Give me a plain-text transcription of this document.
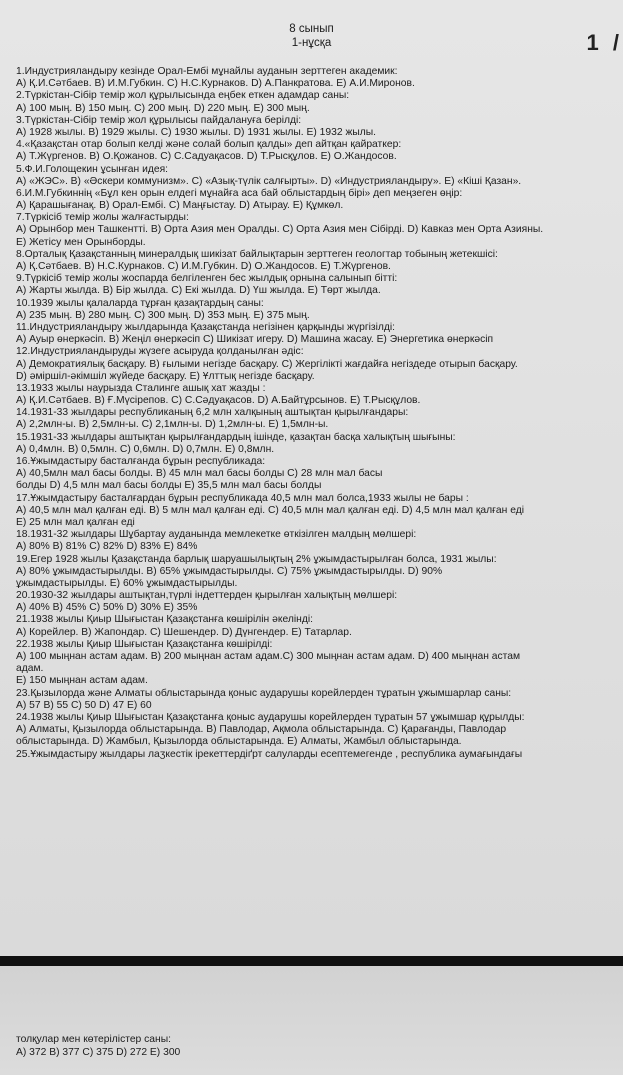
8 сынып
1-нұсқа	1 /
1.Индустрияландыру кезінде Орал-Ембі мұнайлы ауданын зерттеген академик:
А) Қ.И.Сәтбаев. В) И.М.Губкин. С) Н.С.Курнаков. D) А.Панкратова. Е) А.И.Миронов.
2.Түркістан-Сібір темір жол құрылысында еңбек еткен адамдар саны:
А) 100 мың. В) 150 мың. С) 200 мың. D) 220 мың. Е) 300 мың.
3.Түркістан-Сібір темір жол құрылысы пайдалануға берілді:
А) 1928 жылы. В) 1929 жылы. С) 1930 жылы. D) 1931 жылы. Е) 1932 жылы.
4.«Қазақстан отар болып келді және солай болып қалды» деп айтқан қайраткер:
А) Т.Жүргенов. В) О.Қожанов. С) С.Садуақасов. D) Т.Рысқұлов. Е) О.Жандосов.
5.Ф.И.Голощекин ұсынған идея:
А) «ЖЭС». В) «Әскери коммунизм». С) «Азық-түлік салғырты». D) «Индустрияландыру». Е) «Кіші Қазан».
6.И.М.Губкиннің «Бұл кен орын елдегі мұнайға аса бай облыстардың бірі» деп меңзеген өңір:
А) Қарашығанақ. В) Орал-Ембі. С) Маңғыстау. D) Атырау. Е) Құмкөл.
7.Түркісіб темір жолы жалғастырды:
А) Орынбор мен Ташкентті. В) Орта Азия мен Оралды. С) Орта Азия мен Сібірді. D) Кавказ мен Орта Азияны.
Е) Жетісу мен Орынборды.
8.Орталық Қазақстанның минералдық шикізат байлықтарын зерттеген геологтар тобының жетекшісі:
А) Қ.Сәтбаев. В) Н.С.Курнаков. С) И.М.Губкин. D) О.Жандосов. Е) Т.Жүргенов.
9.Түркісіб темір жолы жоспарда белгіленген бес жылдық орнына салынып бітті:
А) Жарты жылда. В) Бір жылда. С) Екі жылда. D) Үш жылда. Е) Төрт жылда.
10.1939 жылы қалаларда тұрған қазақтардың саны:
А) 235 мың. В) 280 мың. С) 300 мың. D) 353 мың. Е) 375 мың.
11.Индустрияландыру жылдарында Қазақстанда негізінен қарқынды жүргізілді:
А) Ауыр өнеркәсіп. В) Жеңіл өнеркәсіп С) Шикізат игеру. D) Машина жасау. Е) Энергетика өнеркәсіп
12.Индустрияландыруды жүзеге асыруда қолданылған әдіс:
А) Демократиялық басқару. В) ғылыми негізде басқару. С) Жергілікті жағдайға негіздеде отырып басқару.
D) әміршіл-әкімшіл жүйеде басқару. Е) Ұлттық негізде басқару.
13.1933 жылы наурызда Сталинге ашық хат жазды :
А) Қ.И.Сәтбаев. В) Ғ.Мүсірепов. С) С.Сәдуақасов. D) А.Байтұрсынов. Е) Т.Рысқұлов.
14.1931-33 жылдары республиканың 6,2 млн халқының аштықтан қырылғандары:
А) 2,2млн-ы. В) 2,5млн-ы. С) 2,1млн-ы. D) 1,2млн-ы. Е) 1,5млн-ы.
15.1931-33 жылдары аштықтан қырылғандардың ішінде, қазақтан басқа халықтың шығыны:
А) 0,4млн. В) 0,5млн. С) 0,6млн. D) 0,7млн. Е) 0,8млн.
16.Ұжымдастыру басталғанда бұрын республикада:
А) 40,5млн мал басы болды. В) 45 млн мал басы болды С) 28 млн мал басы
болды D) 4,5 млн мал басы болды Е) 35,5 млн мал басы болды
17.Ұжымдастыру басталғардан бұрын республикада 40,5 млн мал болса,1933 жылы не бары :
А) 40,5 млн мал қалған еді. В) 5 млн мал қалған еді. С) 40,5 млн мал қалған еді. D) 4,5 млн мал қалған еді
Е) 25 млн мал қалған еді
18.1931-32 жылдары Шұбартау ауданында мемлекетке өткізілген малдың мөлшері:
А) 80% В) 81% С) 82% D) 83% Е) 84%
19.Егер 1928 жылы Қазақстанда барлық шаруашылықтың 2% ұжымдастырылған болса, 1931 жылы:
А) 80% ұжымдастырылды. В) 65% ұжымдастырылды. С) 75% ұжымдастырылды. D) 90%
ұжымдастырылды. Е) 60% ұжымдастырылды.
20.1930-32 жылдары аштықтан,түрлі індеттерден қырылған халықтың мөлшері:
А) 40% В) 45% С) 50% D) 30% Е) 35%
21.1938 жылы Қиыр Шығыстан Қазақстанға көшірілін әкелінді:
А) Корейлер. В) Жапондар. С) Шешендер. D) Дүнгендер. Е) Татарлар.
22.1938 жылы Қиыр Шығыстан Қазақстанға көшірілді:
А) 100 мыңнан астам адам. В) 200 мыңнан астам адам.С) 300 мыңнан астам адам. D) 400 мыңнан астам
адам.
Е) 150 мыңнан астам адам.
23.Қызылорда және Алматы облыстарында қоныс аударушы корейлерден тұратын ұжымшарлар саны:
А) 57 В) 55 С) 50 D) 47 Е) 60
24.1938 жылы Қиыр Шығыстан Қазақстанға қоныс аударушы корейлерден тұратын 57 ұжымшар құрылды:
А) Алматы, Қызылорда облыстарында. В) Павлодар, Ақмола облыстарында. С) Қарағанды, Павлодар
облыстарында. D) Жамбыл, Қызылорда облыстарында. Е) Алматы, Жамбыл облыстарында.
25.Ұжымдастыру жылдары лаӡкестік ірекеттердіґрт салуларды есептемегенде , республика аумағындағы
толқулар мен көтерілістер саны:
А) 372 В) 377 С) 375 D) 272 Е) 300
